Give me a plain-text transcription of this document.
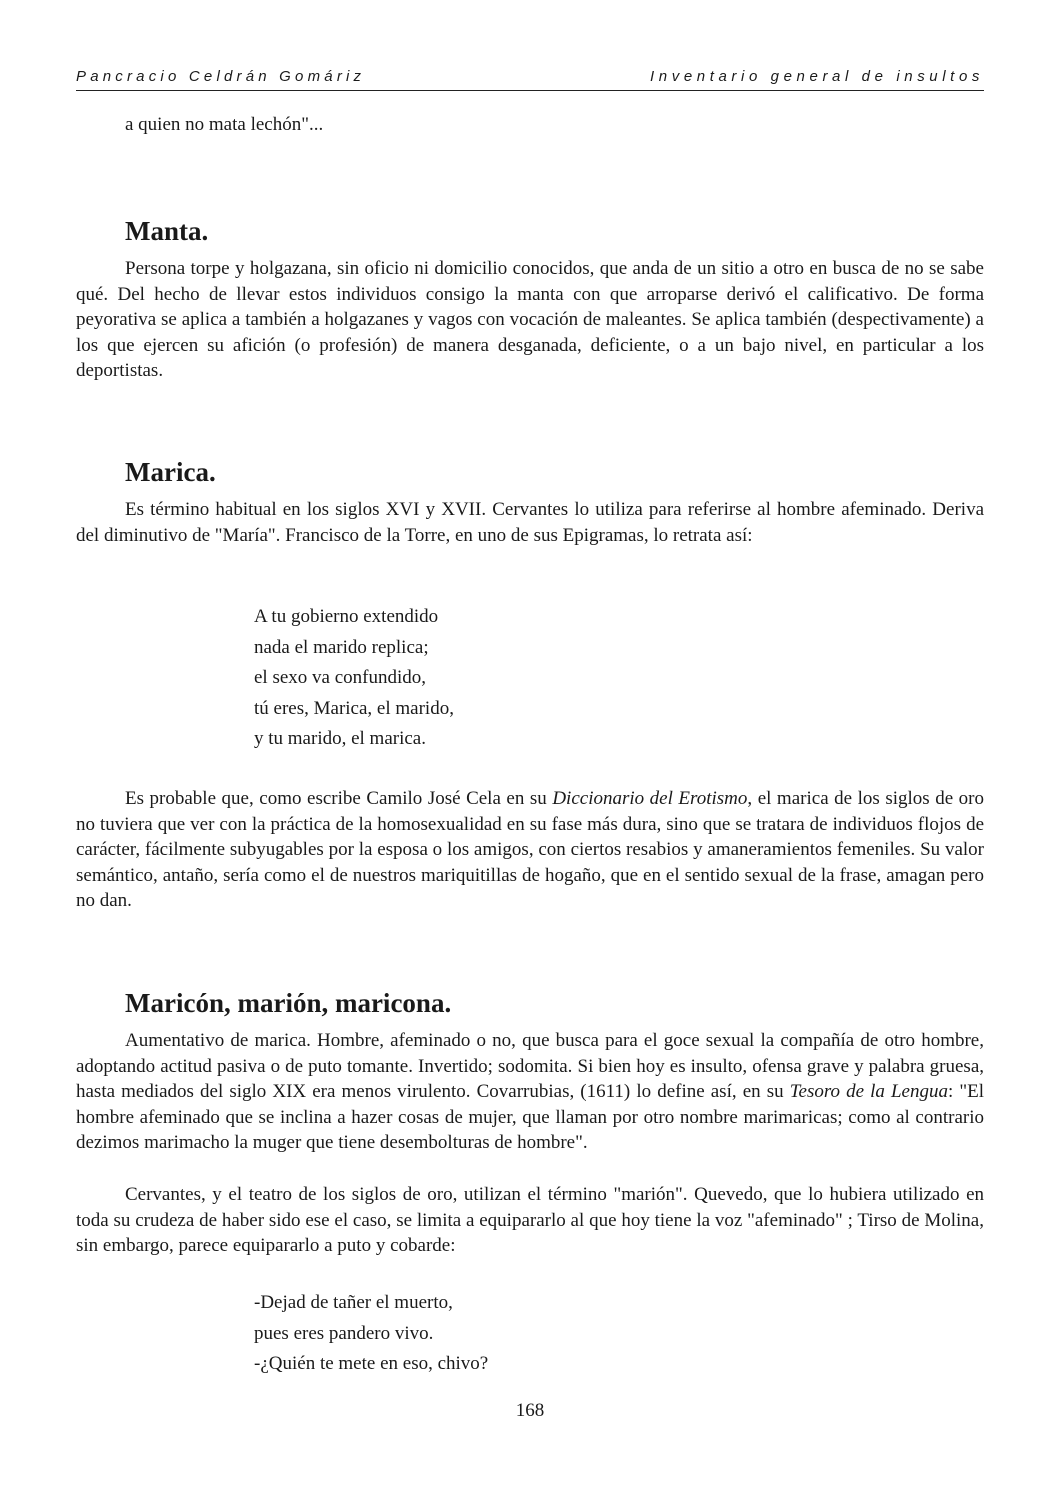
Pancracio Celdrán Gomáriz	Inventario general de insultos
a quien no mata lechón"...
Manta.

Persona torpe y holgazana, sin oficio ni domicilio conocidos, que anda de un sitio a otro en busca de no se sabe qué. Del hecho de llevar estos individuos consigo la manta con que arroparse derivó el calificativo. De forma peyorativa se aplica a también a holgazanes y vagos con vocación de maleantes. Se aplica también (despectivamente) a los que ejercen su afición (o profesión) de manera desganada, deficiente, o a un bajo nivel, en particular a los deportistas.

Marica.

Es término habitual en los siglos XVI y XVII. Cervantes lo utiliza para referirse al hombre afeminado. Deriva del diminutivo de "María". Francisco de la Torre, en uno de sus Epigramas, lo retrata así:

A tu gobierno extendido
nada el marido replica;
el sexo va confundido,
tú eres, Marica, el marido,
y tu marido, el marica.

Es probable que, como escribe Camilo José Cela en su Diccionario del Erotismo, el marica de los siglos de oro no tuviera que ver con la práctica de la homosexualidad en su fase más dura, sino que se tratara de individuos flojos de carácter, fácilmente subyugables por la esposa o los amigos, con ciertos resabios y amaneramientos femeniles. Su valor semántico, antaño, sería como el de nuestros mariquitillas de hogaño, que en el sentido sexual de la frase, amagan pero no dan.

Maricón, marión, maricona.

Aumentativo de marica. Hombre, afeminado o no, que busca para el goce sexual la compañía de otro hombre, adoptando actitud pasiva o de puto tomante. Invertido; sodomita. Si bien hoy es insulto, ofensa grave y palabra gruesa, hasta mediados del siglo XIX era menos virulento. Covarrubias, (1611) lo define así, en su Tesoro de la Lengua: "El hombre afeminado que se inclina a hazer cosas de mujer, que llaman por otro nombre marimaricas; como al contrario dezimos marimacho la muger que tiene desembolturas de hombre".

Cervantes, y el teatro de los siglos de oro, utilizan el término "marión". Quevedo, que lo hubiera utilizado en toda su crudeza de haber sido ese el caso, se limita a equipararlo al que hoy tiene la voz "afeminado" ; Tirso de Molina, sin embargo, parece equipararlo a puto y cobarde:

-Dejad de tañer el muerto,
pues eres pandero vivo.
-¿Quién te mete en eso, chivo?
168
